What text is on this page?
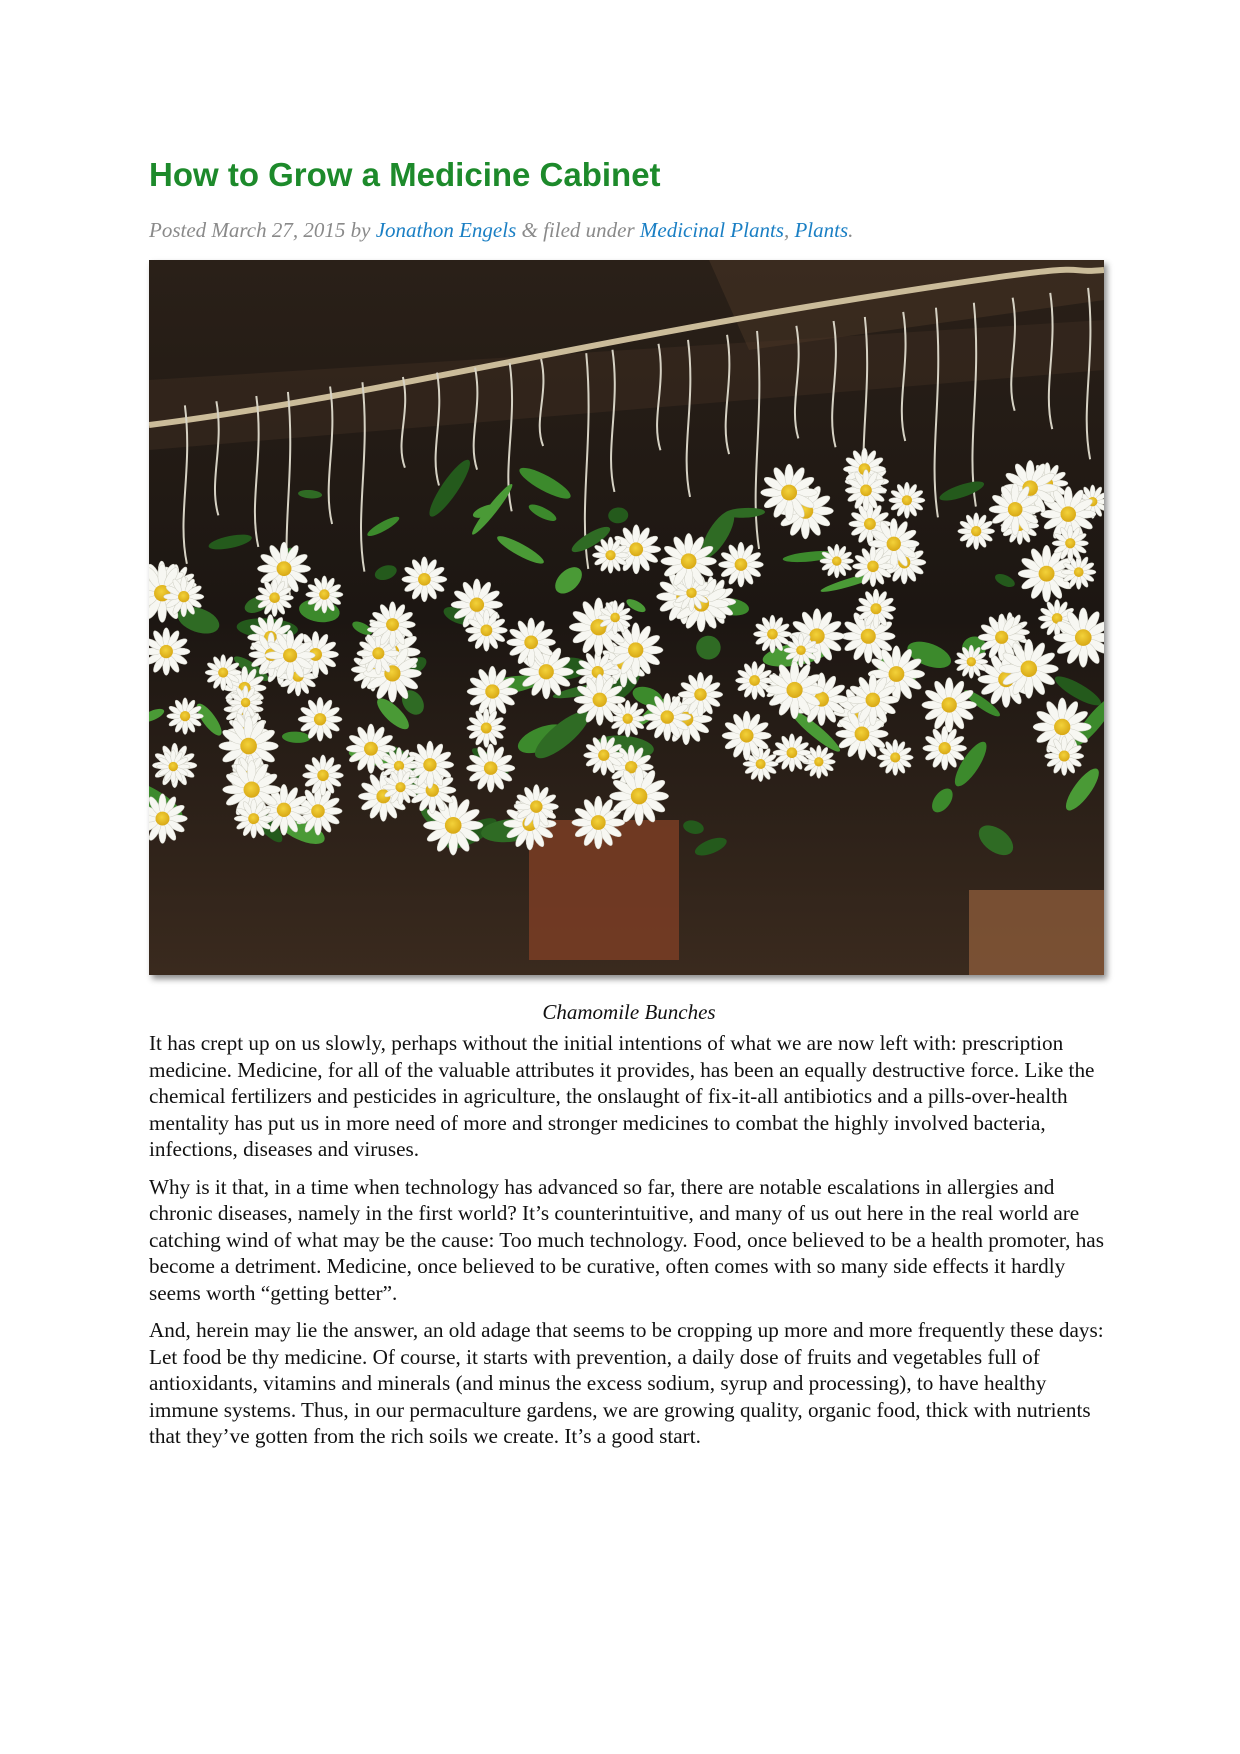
How to Grow a Medicine Cabinet

Posted March 27, 2015 by Jonathon Engels & filed under Medicinal Plants, Plants.

Chamomile Bunches

It has crept up on us slowly, perhaps without the initial intentions of what we are now left with: prescription medicine. Medicine, for all of the valuable attributes it provides, has been an equally destructive force. Like the chemical fertilizers and pesticides in agriculture, the onslaught of fix-it-all antibiotics and a pills-over-health mentality has put us in more need of more and stronger medicines to combat the highly involved bacteria, infections, diseases and viruses.

Why is it that, in a time when technology has advanced so far, there are notable escalations in allergies and chronic diseases, namely in the first world? It’s counterintuitive, and many of us out here in the real world are catching wind of what may be the cause: Too much technology. Food, once believed to be a health promoter, has become a detriment. Medicine, once believed to be curative, often comes with so many side effects it hardly seems worth “getting better”.

And, herein may lie the answer, an old adage that seems to be cropping up more and more frequently these days: Let food be thy medicine. Of course, it starts with prevention, a daily dose of fruits and vegetables full of antioxidants, vitamins and minerals (and minus the excess sodium, syrup and processing), to have healthy immune systems. Thus, in our permaculture gardens, we are growing quality, organic food, thick with nutrients that they’ve gotten from the rich soils we create. It’s a good start.
